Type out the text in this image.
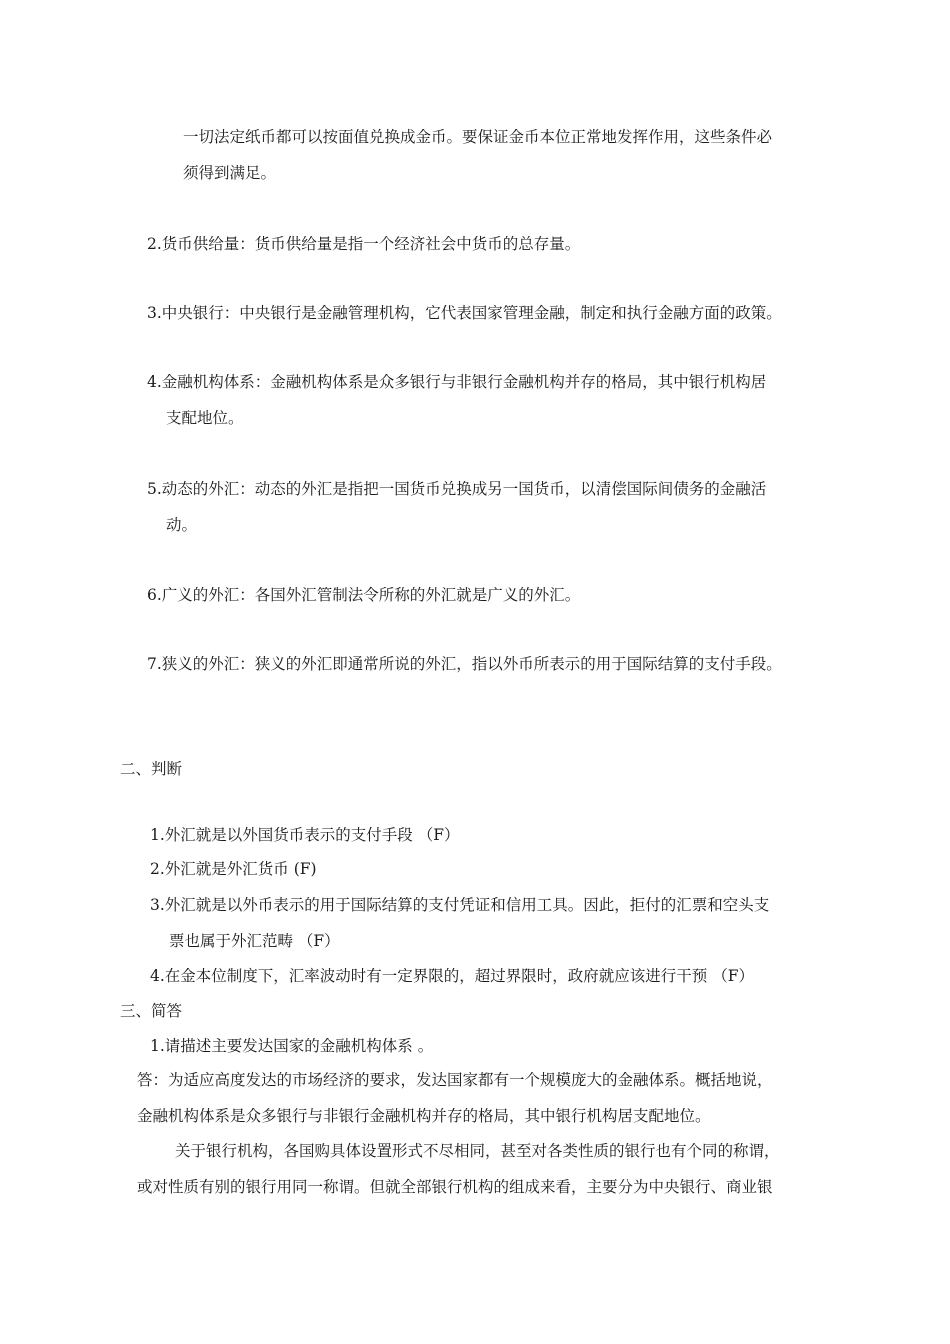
一切法定纸币都可以按面值兑换成金币。要保证金币本位正常地发挥作用，这些条件必
须得到满足。
2.货币供给量：货币供给量是指一个经济社会中货币的总存量。
3.中央银行：中央银行是金融管理机构，它代表国家管理金融，制定和执行金融方面的政策。
4.金融机构体系：金融机构体系是众多银行与非银行金融机构并存的格局，其中银行机构居
支配地位。
5.动态的外汇：动态的外汇是指把一国货币兑换成另一国货币，以清偿国际间债务的金融活
动。
6.广义的外汇：各国外汇管制法令所称的外汇就是广义的外汇。
7.狭义的外汇：狭义的外汇即通常所说的外汇，指以外币所表示的用于国际结算的支付手段。
二、判断
1.外汇就是以外国货币表示的支付手段 （F）
2.外汇就是外汇货币 (F)
3.外汇就是以外币表示的用于国际结算的支付凭证和信用工具。因此，拒付的汇票和空头支
票也属于外汇范畴 （F）
4.在金本位制度下，汇率波动时有一定界限的，超过界限时，政府就应该进行干预 （F）
三、简答
1.请描述主要发达国家的金融机构体系 。
答：为适应高度发达的市场经济的要求，发达国家都有一个规模庞大的金融体系。概括地说，
金融机构体系是众多银行与非银行金融机构并存的格局，其中银行机构居支配地位。
关于银行机构，各国购具体设置形式不尽相同，甚至对各类性质的银行也有个同的称谓，
或对性质有别的银行用同一称谓。但就全部银行机构的组成来看，主要分为中央银行、商业银
